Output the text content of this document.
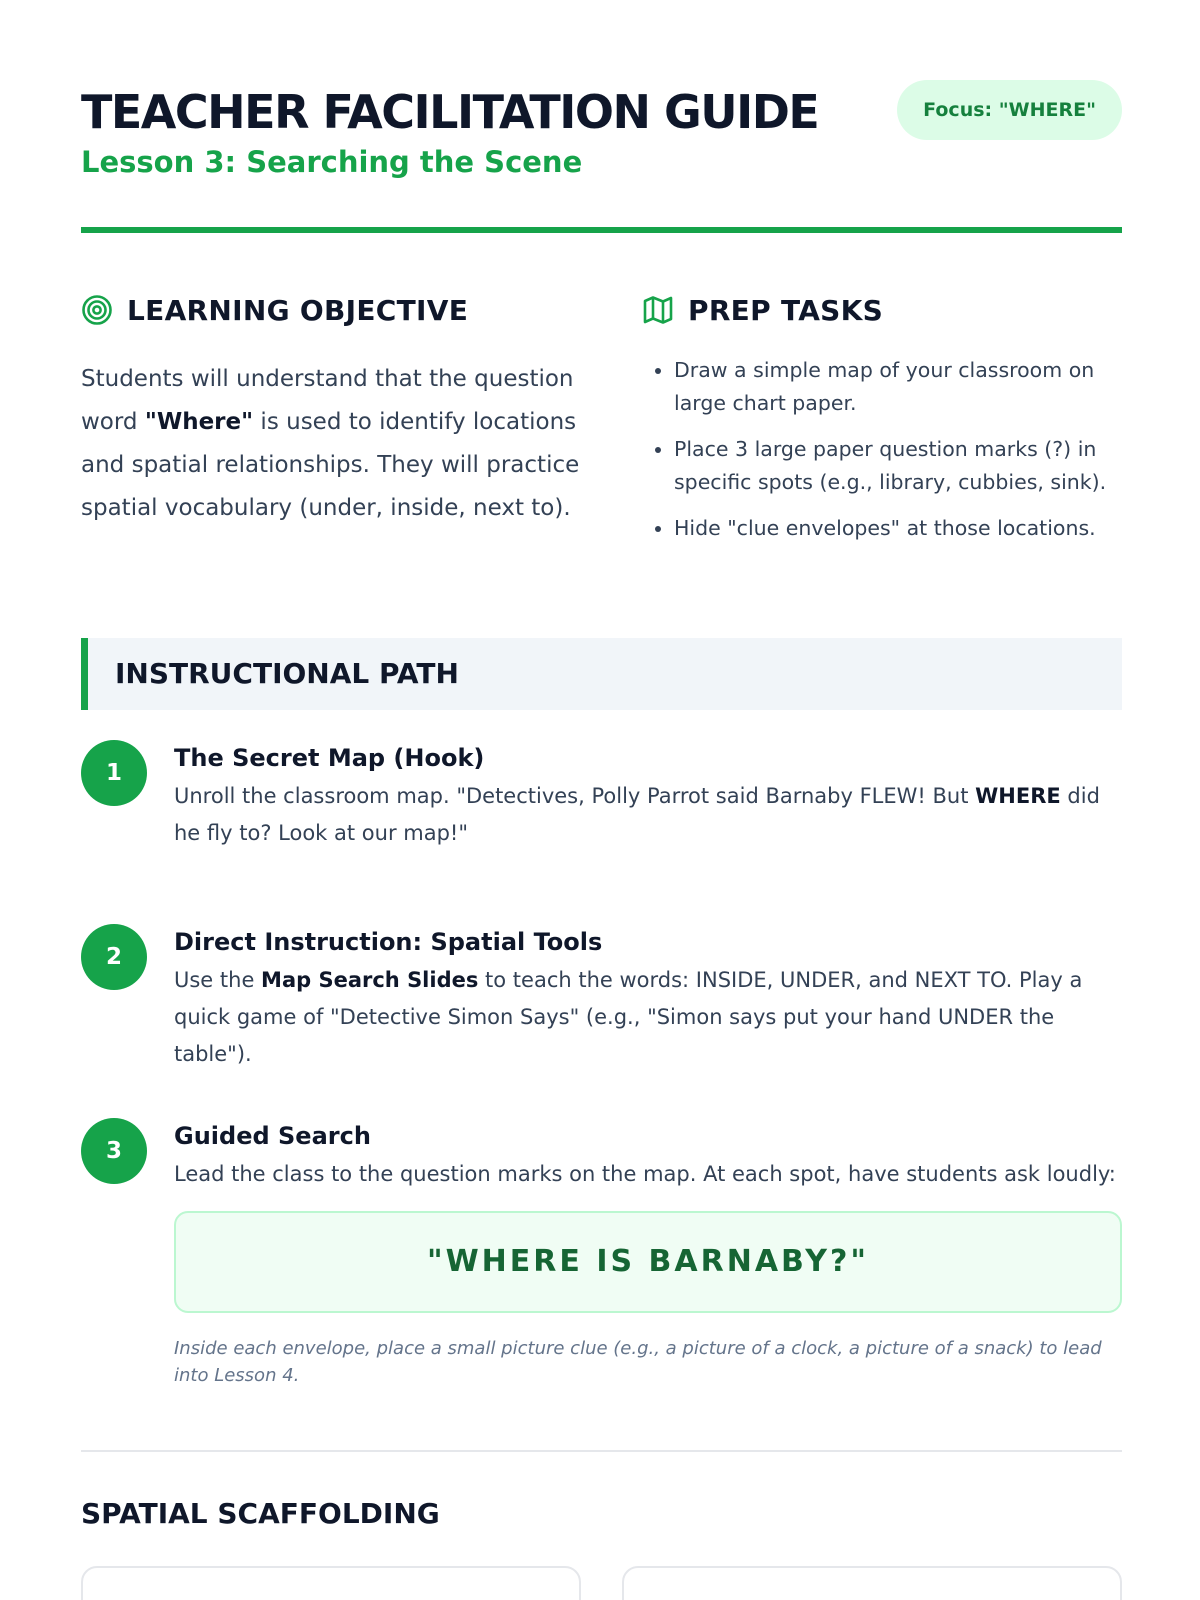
TEACHER FACILITATION GUIDE	Focus: "WHERE"
Lesson 3: Searching the Scene
LEARNING OBJECTIVE
Students will understand that the question word "Where" is used to identify locations and spatial relationships. They will practice spatial vocabulary (under, inside, next to).
PREP TASKS
• Draw a simple map of your classroom on large chart paper.
• Place 3 large paper question marks (?) in specific spots (e.g., library, cubbies, sink).
• Hide "clue envelopes" at those locations.
INSTRUCTIONAL PATH
1
The Secret Map (Hook)
Unroll the classroom map. "Detectives, Polly Parrot said Barnaby FLEW! But WHERE did he fly to? Look at our map!"
2
Direct Instruction: Spatial Tools
Use the Map Search Slides to teach the words: INSIDE, UNDER, and NEXT TO. Play a quick game of "Detective Simon Says" (e.g., "Simon says put your hand UNDER the table").
3
Guided Search
Lead the class to the question marks on the map. At each spot, have students ask loudly:
"WHERE IS BARNABY?"
Inside each envelope, place a small picture clue (e.g., a picture of a clock, a picture of a snack) to lead into Lesson 4.
SPATIAL SCAFFOLDING
